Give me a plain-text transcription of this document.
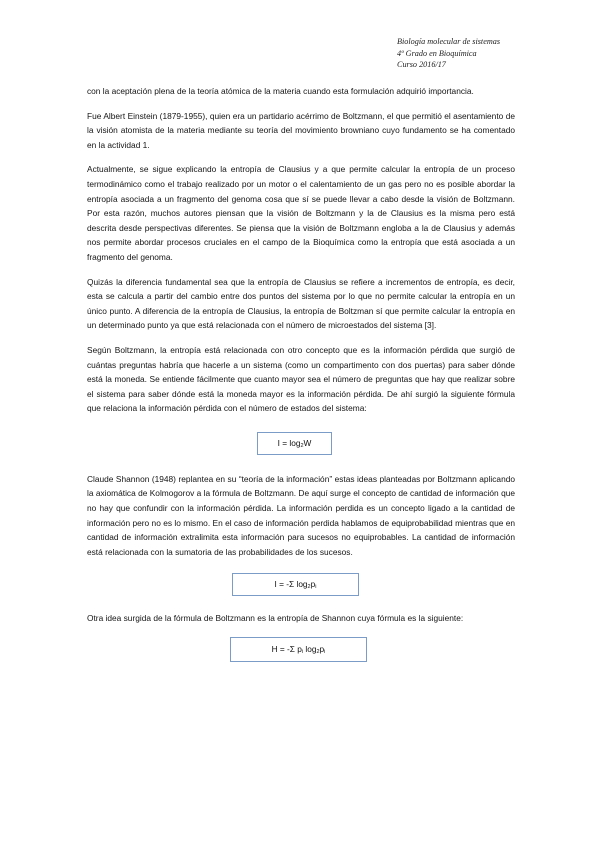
Biología molecular de sistemas
4º Grado en Bioquímica
Curso 2016/17

con la aceptación plena de la teoría atómica de la materia cuando esta formulación adquirió importancia.

Fue Albert Einstein (1879-1955), quien era un partidario acérrimo de Boltzmann, el que permitió el asentamiento de la visión atomista de la materia mediante su teoría del movimiento browniano cuyo fundamento se ha comentado en la actividad 1.

Actualmente, se sigue explicando la entropía de Clausius y a que permite calcular la entropía de un proceso termodinámico como el trabajo realizado por un motor o el calentamiento de un gas pero no es posible abordar la entropía asociada a un fragmento del genoma cosa que sí se puede llevar a cabo desde la visión de Boltzmann. Por esta razón, muchos autores piensan que la visión de Boltzmann y la de Clausius es la misma pero está descrita desde perspectivas diferentes. Se piensa que la visión de Boltzmann engloba a la de Clausius y además nos permite abordar procesos cruciales en el campo de la Bioquímica como la entropía que está asociada a un fragmento del genoma.

Quizás la diferencia fundamental sea que la entropía de Clausius se refiere a incrementos de entropía, es decir, esta se calcula a partir del cambio entre dos puntos del sistema por lo que no permite calcular la entropía en un único punto. A diferencia de la entropía de Clausius, la entropía de Boltzman sí que permite calcular la entropía en un determinado punto ya que está relacionada con el número de microestados del sistema [3].

Según Boltzmann, la entropía está relacionada con otro concepto que es la información pérdida que surgió de cuántas preguntas habría que hacerle a un sistema (como un compartimento con dos puertas) para saber dónde está la moneda. Se entiende fácilmente que cuanto mayor sea el número de preguntas que hay que realizar sobre el sistema para saber dónde está la moneda mayor es la información pérdida. De ahí surgió la siguiente fórmula que relaciona la información pérdida con el número de estados del sistema:

$I = \log_2W$

Claude Shannon (1948) replantea en su “teoría de la información” estas ideas planteadas por Boltzmann aplicando la axiomática de Kolmogorov a la fórmula de Boltzmann. De aquí surge el concepto de cantidad de información que no hay que confundir con la información pérdida. La información perdida es un concepto ligado a la cantidad de información pero no es lo mismo. En el caso de información perdida hablamos de equiprobabilidad mientras que en cantidad de información extralimita esta información para sucesos no equiprobables. La cantidad de información está relacionada con la sumatoria de las probabilidades de los sucesos.

I = -Σ $\log_2p_i$

Otra idea surgida de la fórmula de Boltzmann es la entropía de Shannon cuya fórmula es la siguiente:

H = -Σ $p_i$ $\log_2p_i$
